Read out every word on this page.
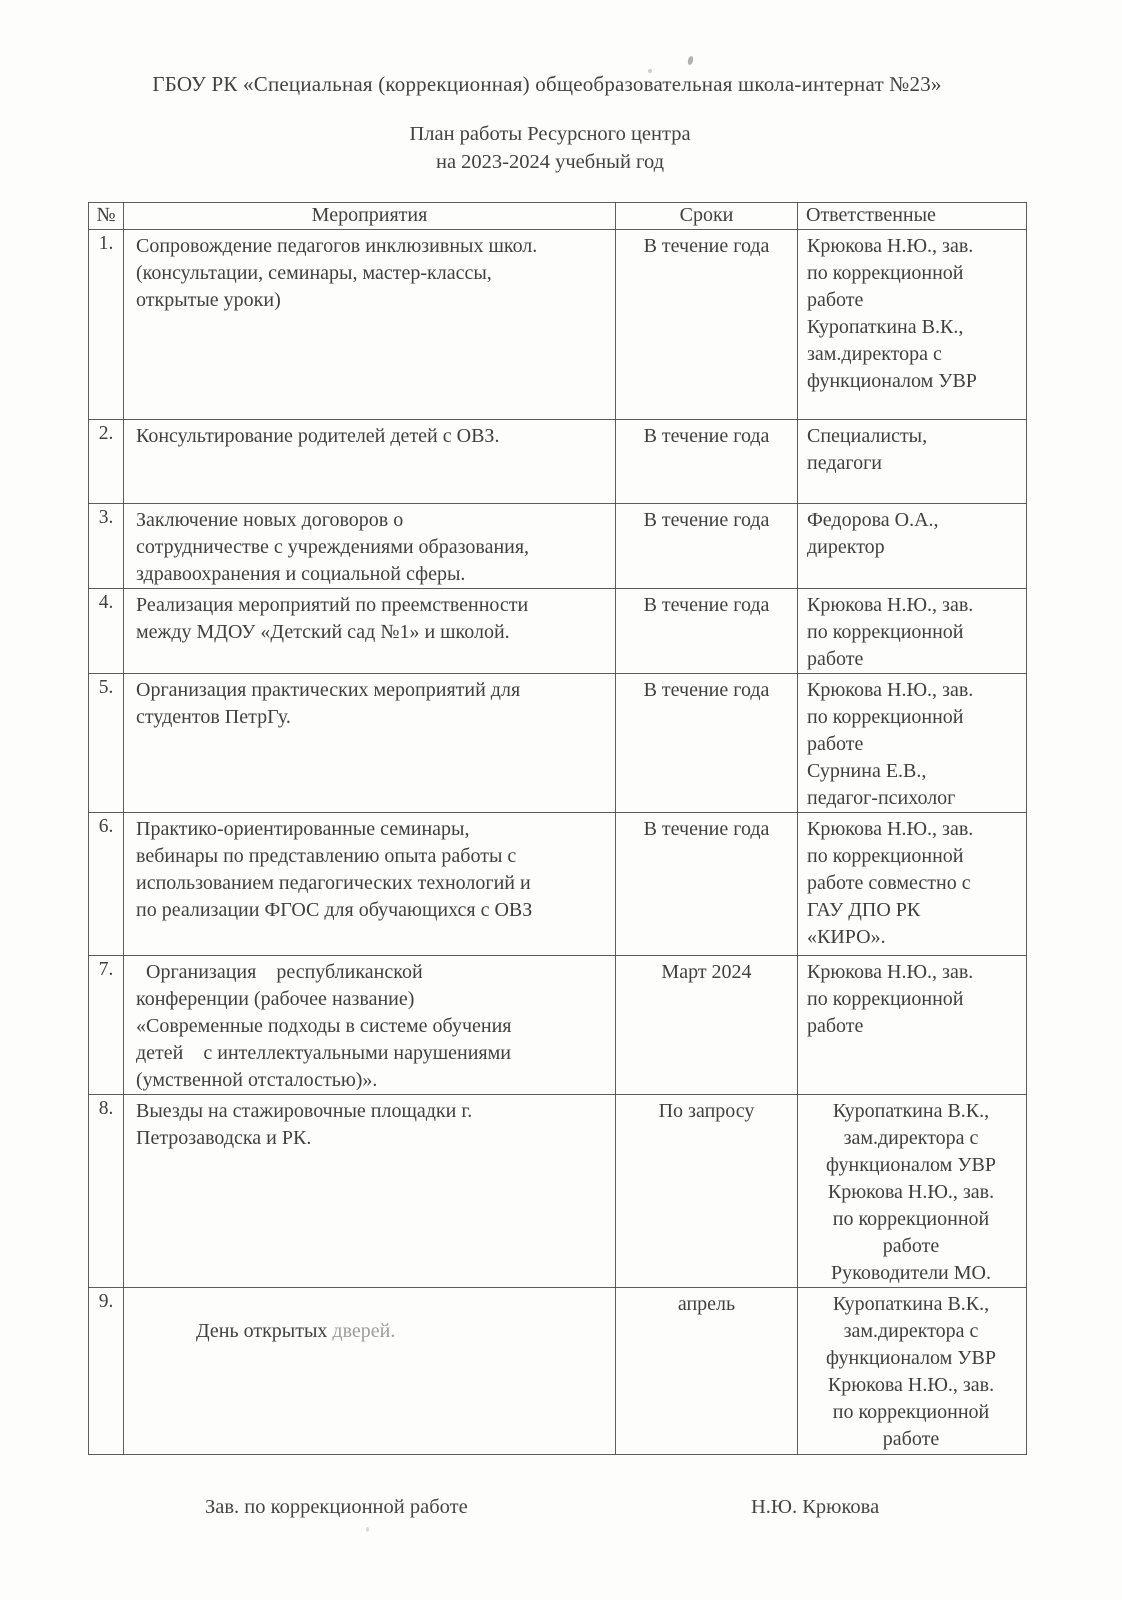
ГБОУ РК «Специальная (коррекционная) общеобразовательная школа-интернат №23»
План работы Ресурсного центра
на 2023-2024 учебный год
№	Мероприятия	Сроки	Ответственные
1.	Сопровождение педагогов инклюзивных школ.
(консультации, семинары, мастер-классы,
открытые уроки)
	В течение года	Крюкова Н.Ю., зав.
по коррекционной
работе
Куропаткина В.К.,
зам.директора с
функционалом УВР

2.	Консультирование родителей детей с ОВЗ.	В течение года	Специалисты,
педагоги

3.	Заключение новых договоров о
сотрудничестве с учреждениями образования,
здравоохранения и социальной сферы.
	В течение года	Федорова О.А.,
директор

4.	Реализация мероприятий по преемственности
между МДОУ «Детский сад №1» и школой.
	В течение года	Крюкова Н.Ю., зав.
по коррекционной
работе

5.	Организация практических мероприятий для
студентов ПетрГу.
	В течение года	Крюкова Н.Ю., зав.
по коррекционной
работе
Сурнина Е.В.,
педагог-психолог

6.	Практико-ориентированные семинары,
вебинары по представлению опыта работы с
использованием педагогических технологий и
по реализации ФГОС для обучающихся с ОВЗ
	В течение года	Крюкова Н.Ю., зав.
по коррекционной
работе совместно с
ГАУ ДПО РК
«КИРО».

7.	Организация    республиканской
конференции (рабочее название)
«Современные подходы в системе обучения
детей    с интеллектуальными нарушениями
(умственной отсталостью)».
	Март 2024	Крюкова Н.Ю., зав.
по коррекционной
работе

8.	Выезды на стажировочные площадки г.
Петрозаводска и РК.
	По запросу	Куропаткина В.К.,
зам.директора с
функционалом УВР
Крюкова Н.Ю., зав.
по коррекционной
работе
Руководители МО.

9.	

День открытых дверей.

	апрель	Куропаткина В.К.,
зам.директора с
функционалом УВР
Крюкова Н.Ю., зав.
по коррекционной
работе
Зав. по коррекционной работе	Н.Ю. Крюкова
